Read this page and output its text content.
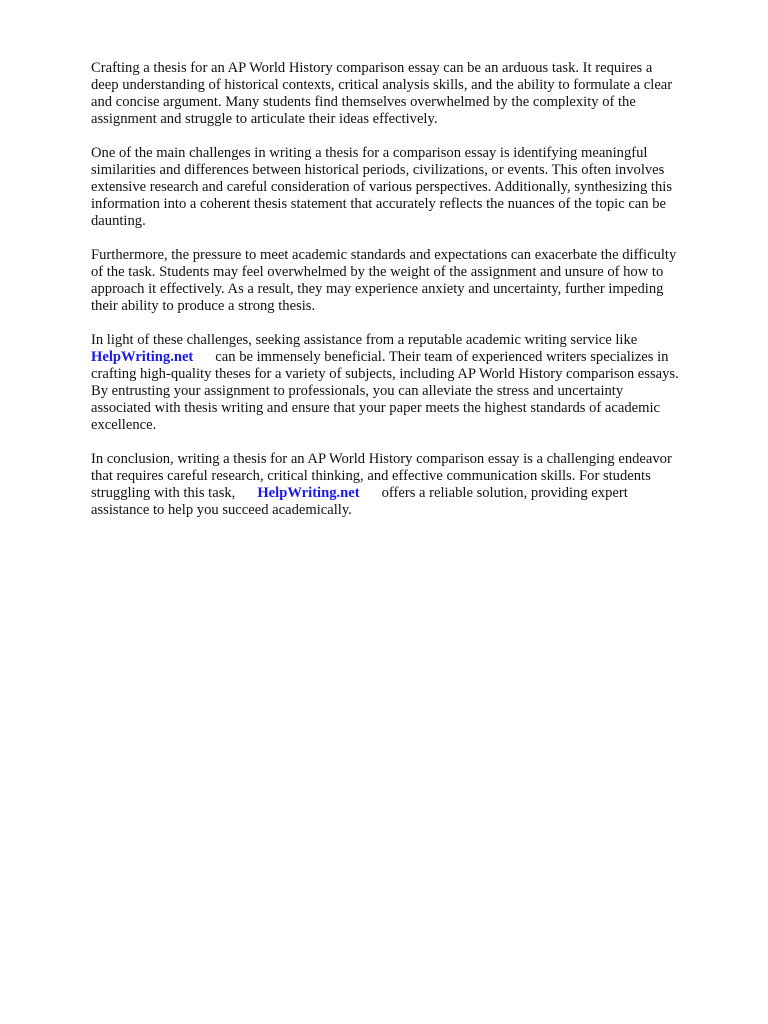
Crafting a thesis for an AP World History comparison essay can be an arduous task. It requires a
deep understanding of historical contexts, critical analysis skills, and the ability to formulate a clear
and concise argument. Many students find themselves overwhelmed by the complexity of the
assignment and struggle to articulate their ideas effectively.

One of the main challenges in writing a thesis for a comparison essay is identifying meaningful
similarities and differences between historical periods, civilizations, or events. This often involves
extensive research and careful consideration of various perspectives. Additionally, synthesizing this
information into a coherent thesis statement that accurately reflects the nuances of the topic can be
daunting.

Furthermore, the pressure to meet academic standards and expectations can exacerbate the difficulty
of the task. Students may feel overwhelmed by the weight of the assignment and unsure of how to
approach it effectively. As a result, they may experience anxiety and uncertainty, further impeding
their ability to produce a strong thesis.

In light of these challenges, seeking assistance from a reputable academic writing service like
HelpWriting.net can be immensely beneficial. Their team of experienced writers specializes in
crafting high-quality theses for a variety of subjects, including AP World History comparison essays.
By entrusting your assignment to professionals, you can alleviate the stress and uncertainty
associated with thesis writing and ensure that your paper meets the highest standards of academic
excellence.

In conclusion, writing a thesis for an AP World History comparison essay is a challenging endeavor
that requires careful research, critical thinking, and effective communication skills. For students
struggling with this task, HelpWriting.net offers a reliable solution, providing expert
assistance to help you succeed academically.
